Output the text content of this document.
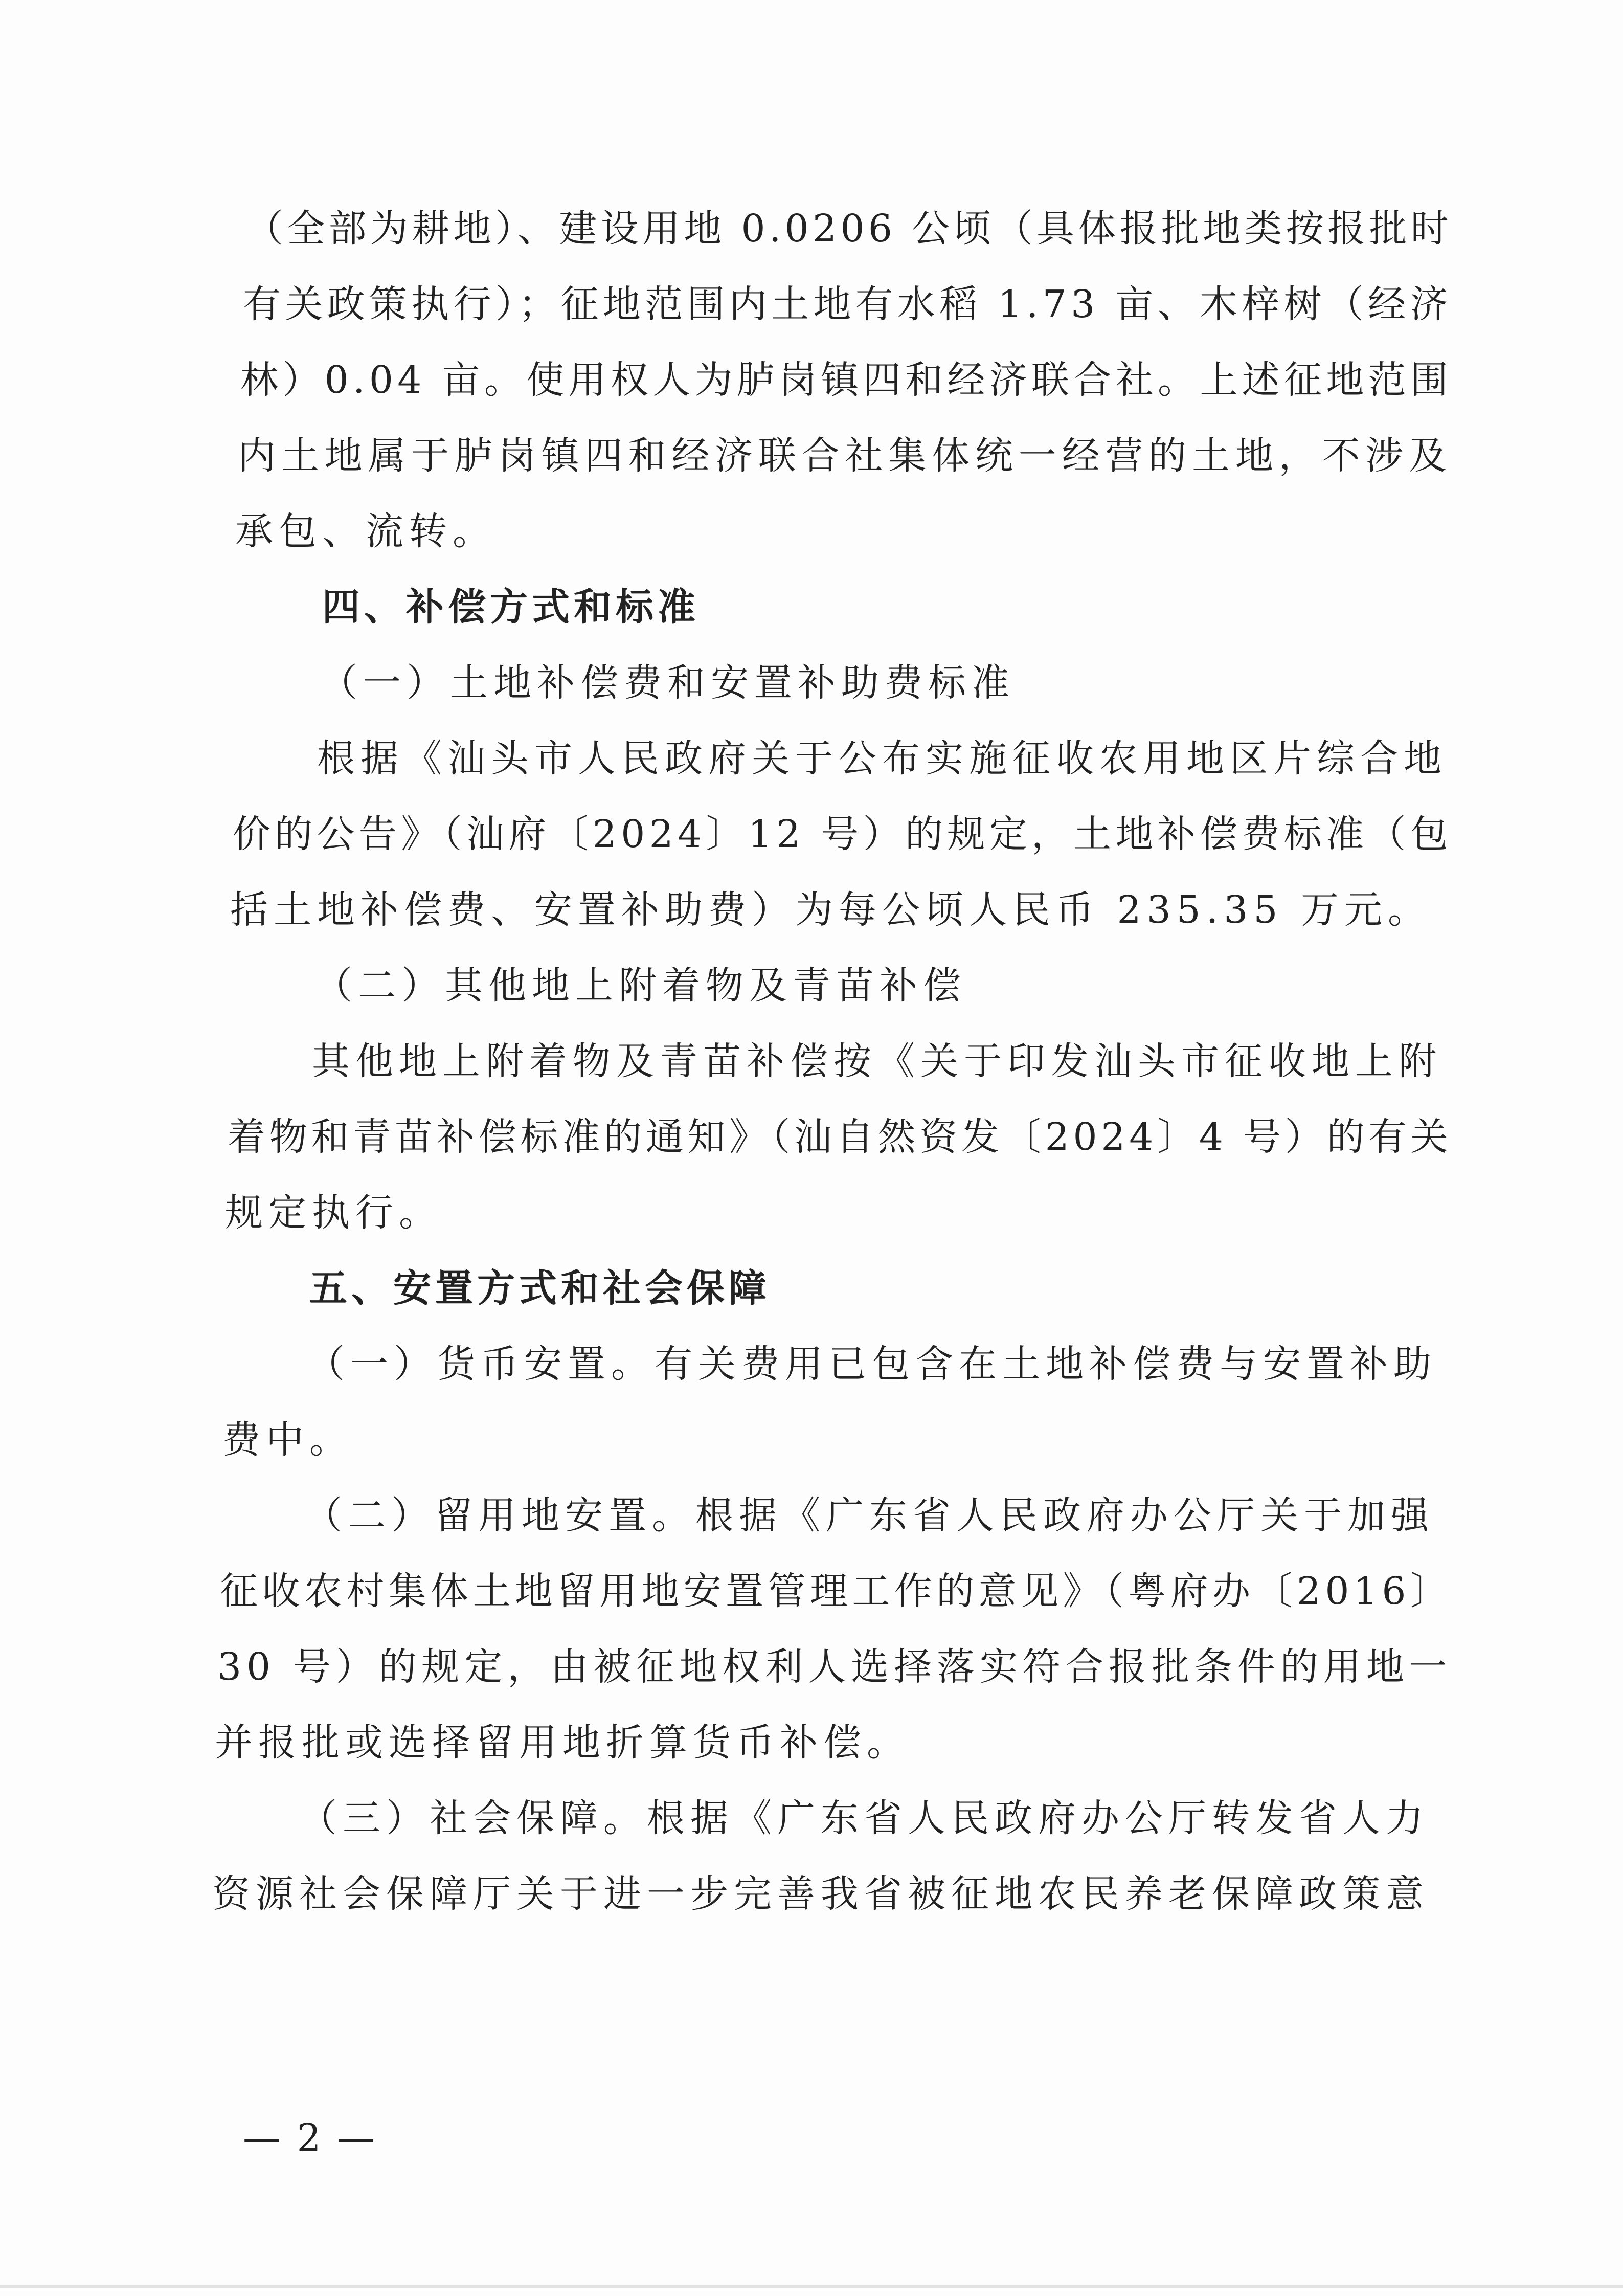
（全部为耕地）、建设用地 0.0206 公顷（具体报批地类按报批时
有关政策执行）；征地范围内土地有水稻 1.73 亩、木梓树（经济
林）0.04 亩。使用权人为胪岗镇四和经济联合社。上述征地范围
内土地属于胪岗镇四和经济联合社集体统一经营的土地，不涉及
承包、流转。
四、补偿方式和标准
（一）土地补偿费和安置补助费标准
根据《汕头市人民政府关于公布实施征收农用地区片综合地
价的公告》（汕府〔2024〕12 号）的规定，土地补偿费标准（包
括土地补偿费、安置补助费）为每公顷人民币 235.35 万元。
（二）其他地上附着物及青苗补偿
其他地上附着物及青苗补偿按《关于印发汕头市征收地上附
着物和青苗补偿标准的通知》（汕自然资发〔2024〕4 号）的有关
规定执行。
五、安置方式和社会保障
（一）货币安置。有关费用已包含在土地补偿费与安置补助
费中。
（二）留用地安置。根据《广东省人民政府办公厅关于加强
征收农村集体土地留用地安置管理工作的意见》（粤府办〔2016〕
30 号）的规定，由被征地权利人选择落实符合报批条件的用地一
并报批或选择留用地折算货币补偿。
（三）社会保障。根据《广东省人民政府办公厅转发省人力
资源社会保障厅关于进一步完善我省被征地农民养老保障政策意
— 2 —
